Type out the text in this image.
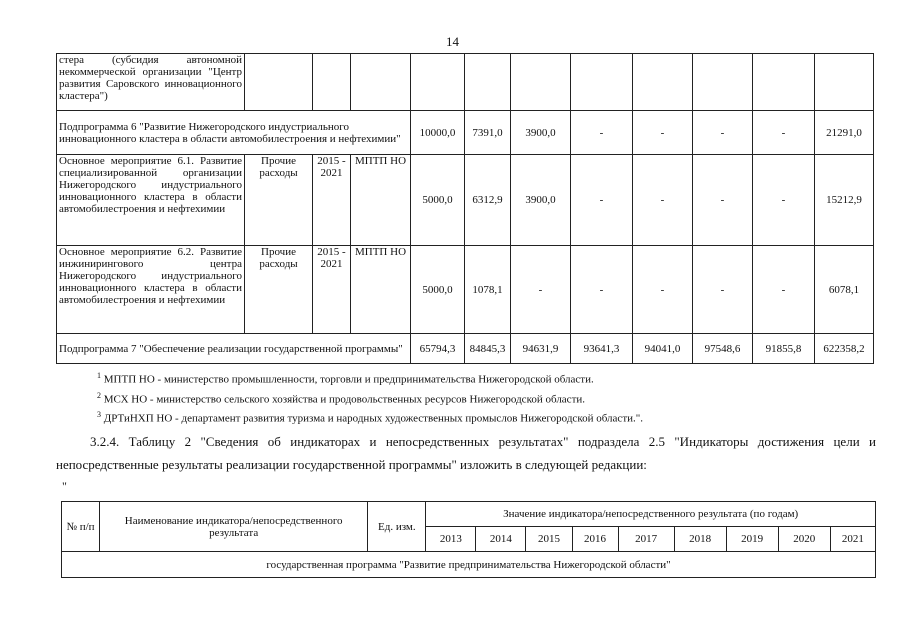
14
стера (субсидия автономной некоммерческой организации "Центр развития Саровского инновационного кластера")											
Подпрограмма 6 "Развитие Нижегородского индустриального инновационного кластера в области автомобилестроения и нефтехимии"				10000,0	7391,0	3900,0	-	-	-	-	21291,0
Основное мероприятие 6.1. Развитие специализированной организации Нижегородского индустриального инновационного кластера в области автомобилестроения и нефтехимии	Прочие расходы	2015 - 2021	МПТП НО	5000,0	6312,9	3900,0	-	-	-	-	15212,9
Основное мероприятие 6.2. Развитие инжинирингового центра Нижегородского индустриального инновационного кластера в области автомобилестроения и нефтехимии	Прочие расходы	2015 - 2021	МПТП НО	5000,0	1078,1	-	-	-	-	-	6078,1
Подпрограмма 7 "Обеспечение реализации государственной программы"				65794,3	84845,3	94631,9	93641,3	94041,0	97548,6	91855,8	622358,2
$^1$ МПТП НО - министерство промышленности, торговли и предпринимательства Нижегородской области.
$^2$ МСХ НО - министерство сельского хозяйства и продовольственных ресурсов Нижегородской области.
$^3$ ДРТиНХП НО - департамент развития туризма и народных художественных промыслов Нижегородской области.".
3.2.4. Таблицу 2 "Сведения об индикаторах и непосредственных результатах" подраздела 2.5 "Индикаторы достижения цели и непосредственные результаты реализации государственной программы" изложить в следующей редакции:
"
№ п/п	Наименование индикатора/непосредственного результата	Ед. изм.	Значение индикатора/непосредственного результата (по годам)								
			2013	2014	2015	2016	2017	2018	2019	2020	2021
государственная программа "Развитие предпринимательства Нижегородской области"											
